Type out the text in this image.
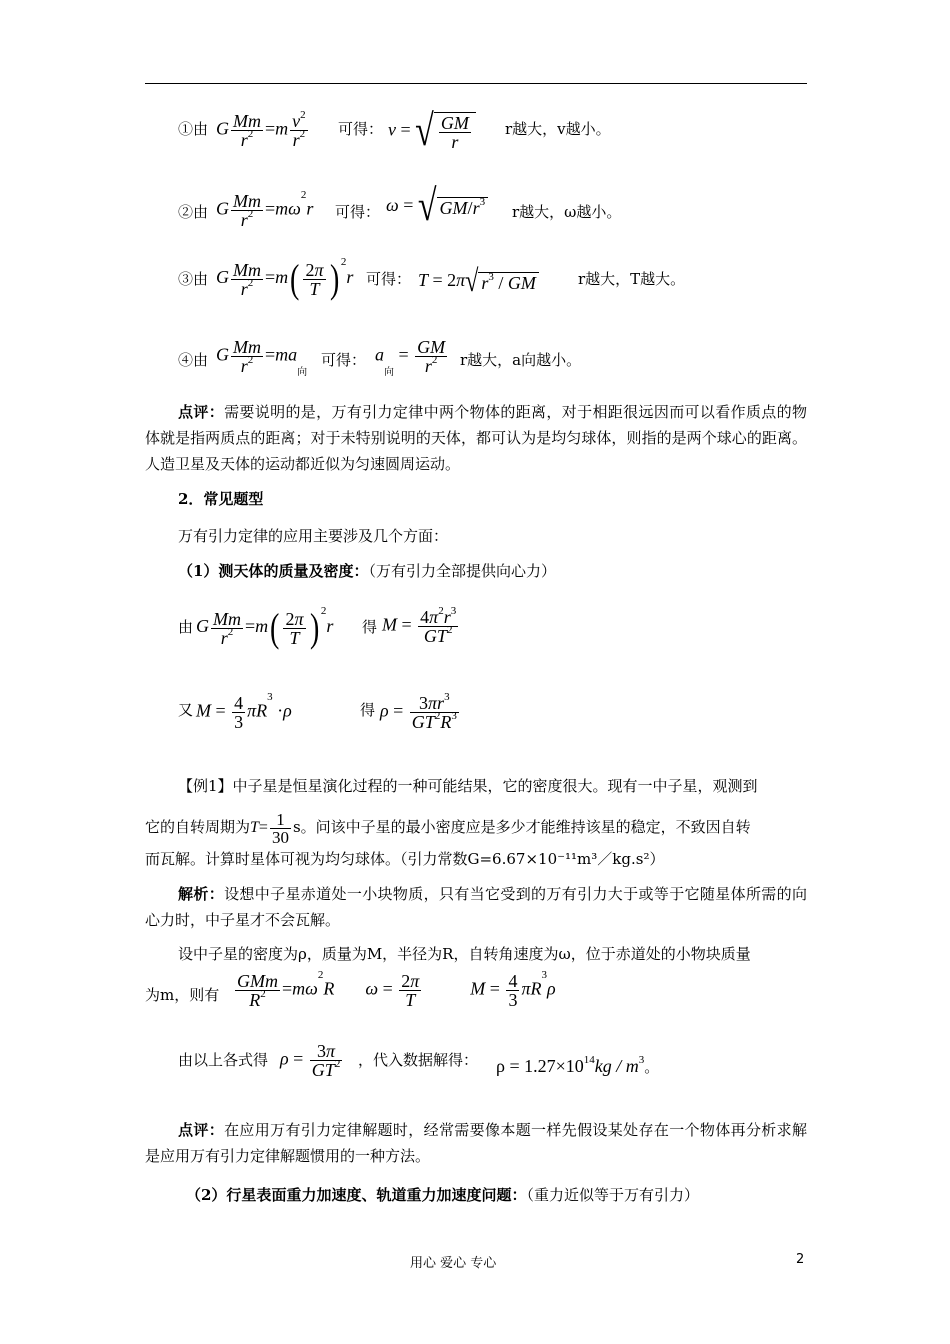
①由 G $\frac{Mm}{r^2} =m \frac{v^2}{r^2}$ 可得： v = √ $\frac{GM}{r}$ r越大，v越小。
②由 G $\frac{Mm}{r^2} =m\omega^2r$ 可得： ω = √ $GM/r^3$
r越大，ω越小。
③由 G $\frac{Mm}{r^2} =m( \frac{2\pi}{T}$ ) $^2$r 可得： T = 2π√ $r^3$ / GM	r越大，T越大。
④由 G $\frac{Mm}{r^2} =ma_向$
可得： $a_向 = \frac{GM}{r^2}$ r越大，a向越小。
点评：需要说明的是，万有引力定律中两个物体的距离，对于相距很远因而可以看作质点的物体就是指两质点的距离；对于未特别说明的天体，都可认为是均匀球体，则指的是两个球心的距离。人造卫星及天体的运动都近似为匀速圆周运动。
2．常见题型
万有引力定律的应用主要涉及几个方面：
（1）测天体的质量及密度：（万有引力全部提供向心力）
由 G $\frac{Mm}{r^2} =m( \frac{2\pi}{T}$ ) $^2$r 得 $M = \frac{4\pi^2r^3}{GT^2}$
又 $M = \frac{4}{3} \pi R^3 \cdot\rho$	得 $\rho = \frac{3\pi r^3}{GT^2R^3}$
【例1】中子星是恒星演化过程的一种可能结果，它的密度很大。现有一中子星，观测到
它的自转周期为$T= \frac{1}{30}$ s。问该中子星的最小密度应是多少才能维持该星的稳定，不致因自转
而瓦解。计算时星体可视为均匀球体。（引力常数G=6.67×10⁻¹¹m³／kg.s²）
解析：设想中子星赤道处一小块物质，只有当它受到的万有引力大于或等于它随星体所需的向心力时，中子星才不会瓦解。
设中子星的密度为ρ，质量为M，半径为R，自转角速度为ω，位于赤道处的小物块质量
为m，则有 $\frac{\text{GMm}}{R^2} =m\omega^2R$ $\omega = \frac{2\pi}{T}$	$M = \frac{4}{3} \pi R^3\rho$
由以上各式得 $\rho = \frac{3\pi}{GT^2}$ ，代入数据解得： $\rho = 1.27\times 10^{14}kg / m^3$。
点评：在应用万有引力定律解题时，经常需要像本题一样先假设某处存在一个物体再分析求解是应用万有引力定律解题惯用的一种方法。
（2）行星表面重力加速度、轨道重力加速度问题：（重力近似等于万有引力）
用心 爱心 专心	2
